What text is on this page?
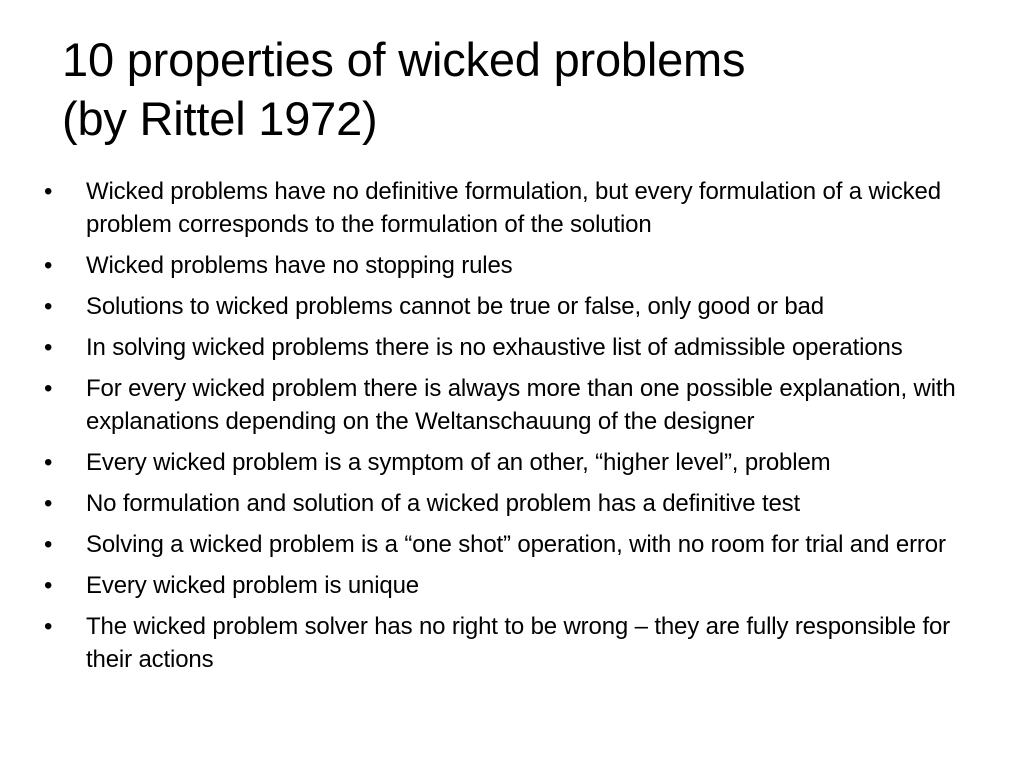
10 properties of wicked problems
(by Rittel 1972)
•	Wicked problems have no definitive formulation, but every formulation of a wicked problem corresponds to the formulation of the solution
•	Wicked problems have no stopping rules
•	Solutions to wicked problems cannot be true or false, only good or bad
•	In solving wicked problems there is no exhaustive list of admissible operations
•	For every wicked problem there is always more than one possible explanation, with explanations depending on the Weltanschauung of the designer
•	Every wicked problem is a symptom of an other, “higher level”, problem
•	No formulation and solution of a wicked problem has a definitive test
•	Solving a wicked problem is a “one shot” operation, with no room for trial and error
•	Every wicked problem is unique
•	The wicked problem solver has no right to be wrong – they are fully responsible for their actions
